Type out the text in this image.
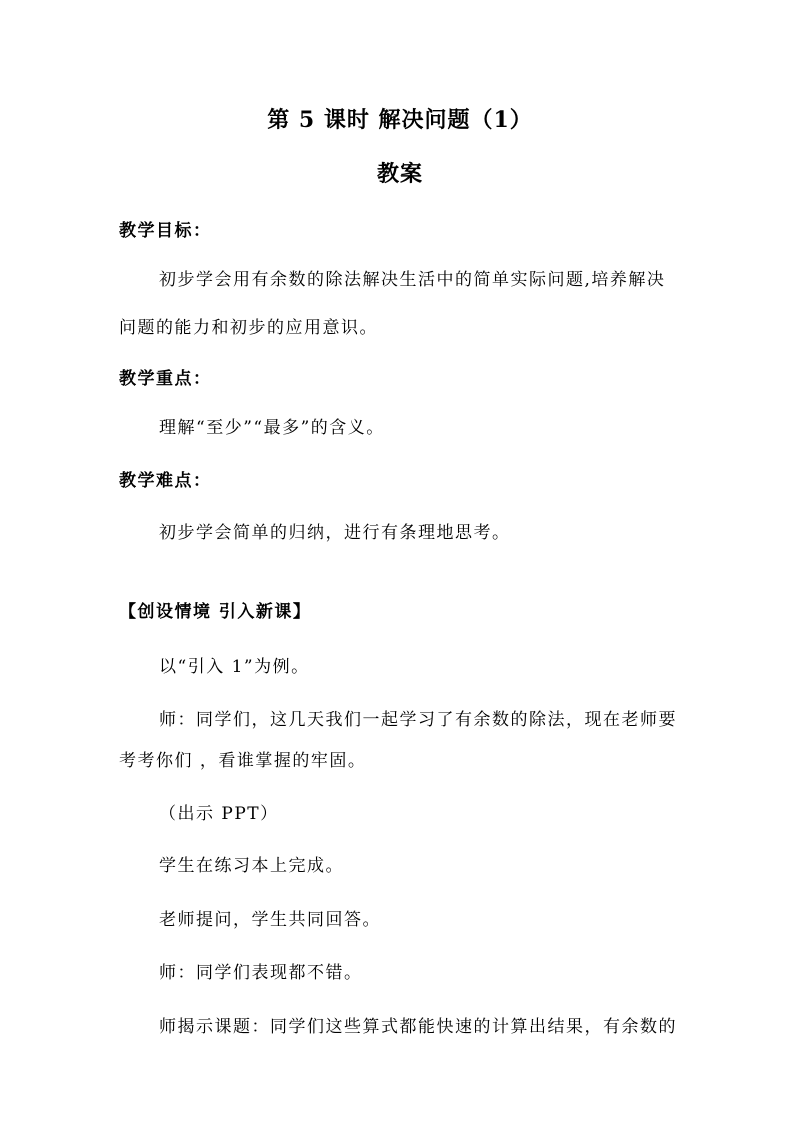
第 5 课时 解决问题（1）
教案
教学目标：
初步学会用有余数的除法解决生活中的简单实际问题,培养解决
问题的能力和初步的应用意识。
教学重点：
理解“至少”“最多”的含义。
教学难点：
初步学会简单的归纳，进行有条理地思考。
【创设情境 引入新课】
以“引入 1”为例。
师：同学们，这几天我们一起学习了有余数的除法，现在老师要
考考你们 ，看谁掌握的牢固。
（出示 PPT）
学生在练习本上完成。
老师提问，学生共同回答。
师：同学们表现都不错。
师揭示课题：同学们这些算式都能快速的计算出结果，有余数的
